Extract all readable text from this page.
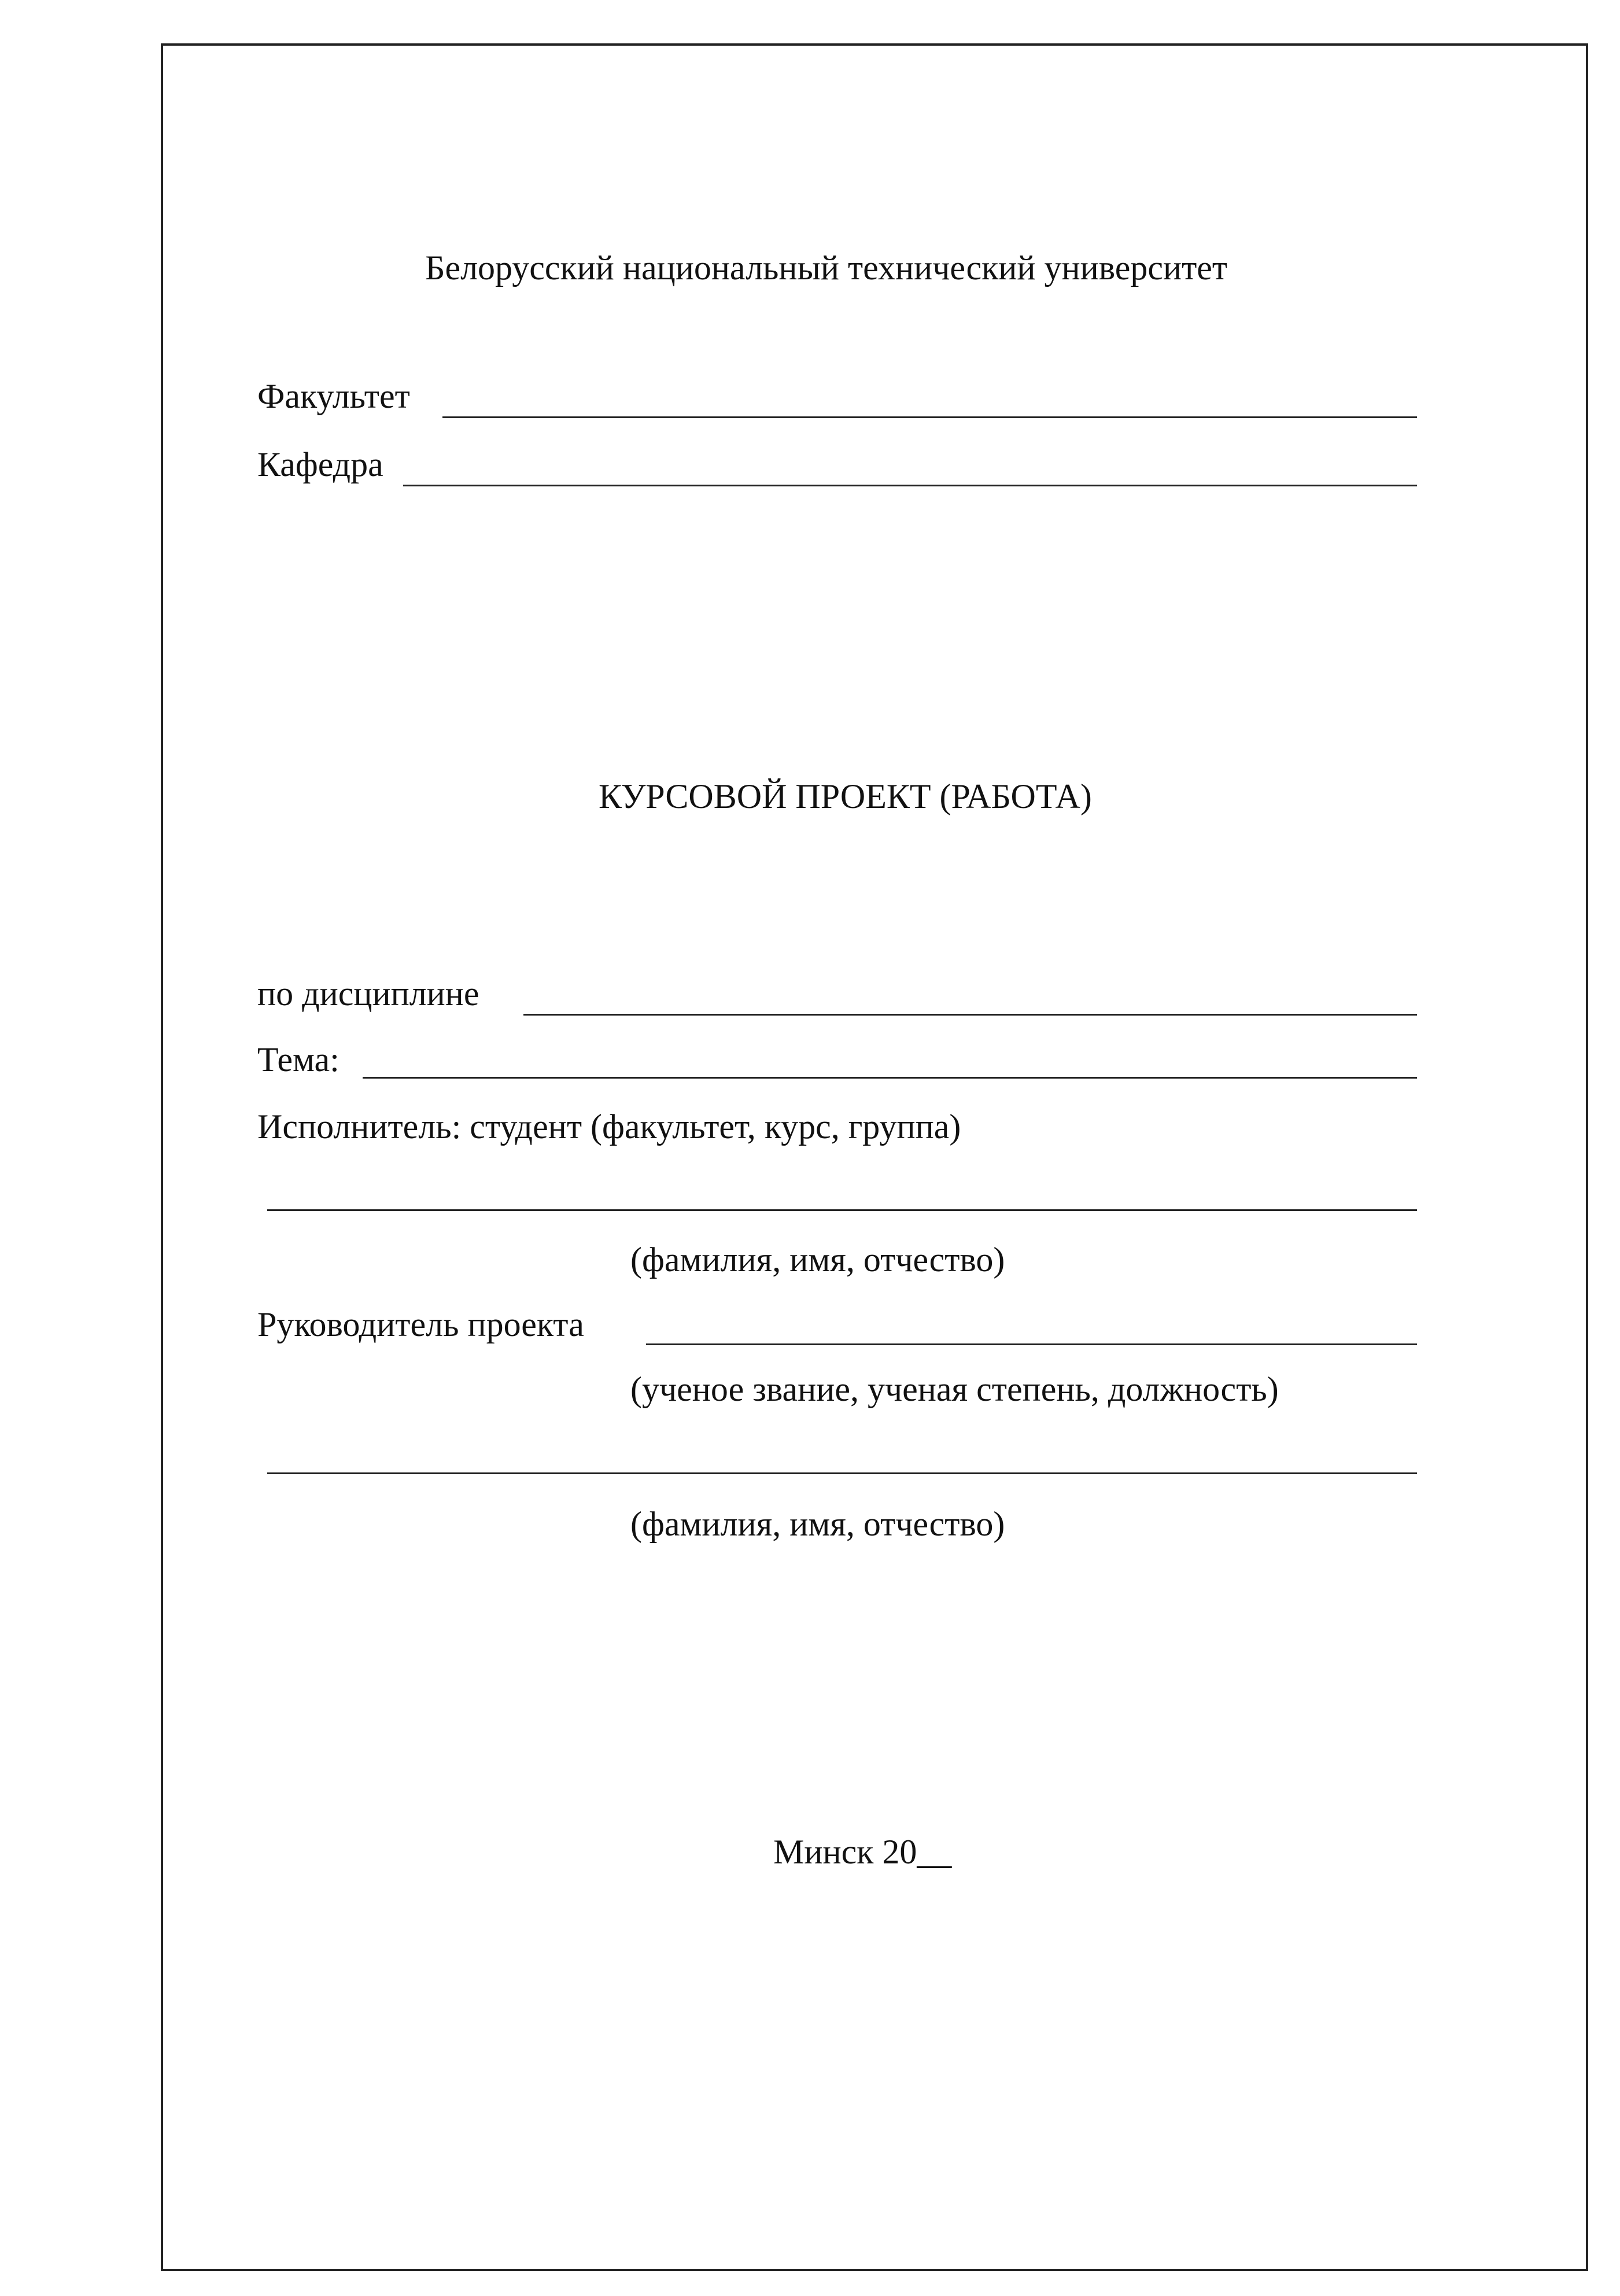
Белорусский национальный технический университет
Факультет
Кафедра
КУРСОВОЙ ПРОЕКТ (РАБОТА)
по дисциплине
Тема:
Исполнитель: студент (факультет, курс, группа)
(фамилия, имя, отчество)
Руководитель проекта
(ученое звание, ученая степень, должность)
(фамилия, имя, отчество)
Минск 20__
